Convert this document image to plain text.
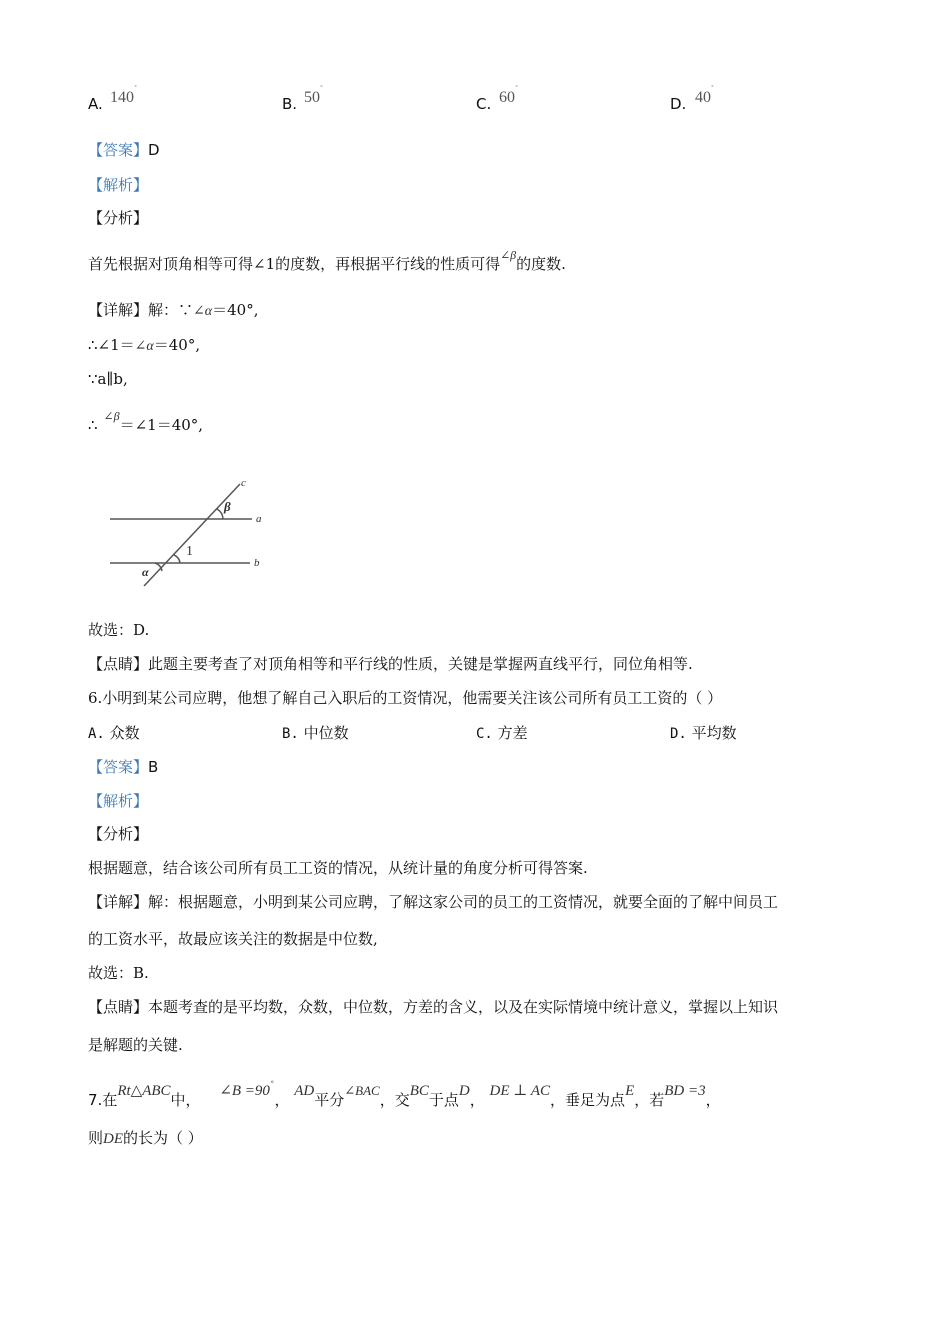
A. 140˚
B. 50˚
C. 60˚
D. 40˚
【答案】D
【解析】
【分析】
首先根据对顶角相等可得∠1的度数，再根据平行线的性质可得$^{\angle\beta}$的度数.
【详解】解：∵∠α＝40°,
∴∠1＝∠α＝40°,
∵a∥b,
∴ $^{\angle\beta}$＝∠1＝40°,
c
β
a
1
b
α
故选：D.
【点睛】此题主要考查了对顶角相等和平行线的性质，关键是掌握两直线平行，同位角相等.
6.小明到某公司应聘，他想了解自己入职后的工资情况，他需要关注该公司所有员工工资的（ ）
A. 众数	B. 中位数	C. 方差	D. 平均数
【答案】B
【解析】
【分析】
根据题意，结合该公司所有员工工资的情况，从统计量的角度分析可得答案.
【详解】解：根据题意，小明到某公司应聘，了解这家公司的员工的工资情况，就要全面的了解中间员工
的工资水平，故最应该关注的数据是中位数,
故选：B.
【点睛】本题考查的是平均数，众数，中位数，方差的含义，以及在实际情境中统计意义，掌握以上知识
是解题的关键.
7.在Rt△ABC中， ∠B =90˚， AD平分∠BAC，交BC于点D， DE ⊥ AC，垂足为点E，若BD =3，
则DE的长为（ ）
